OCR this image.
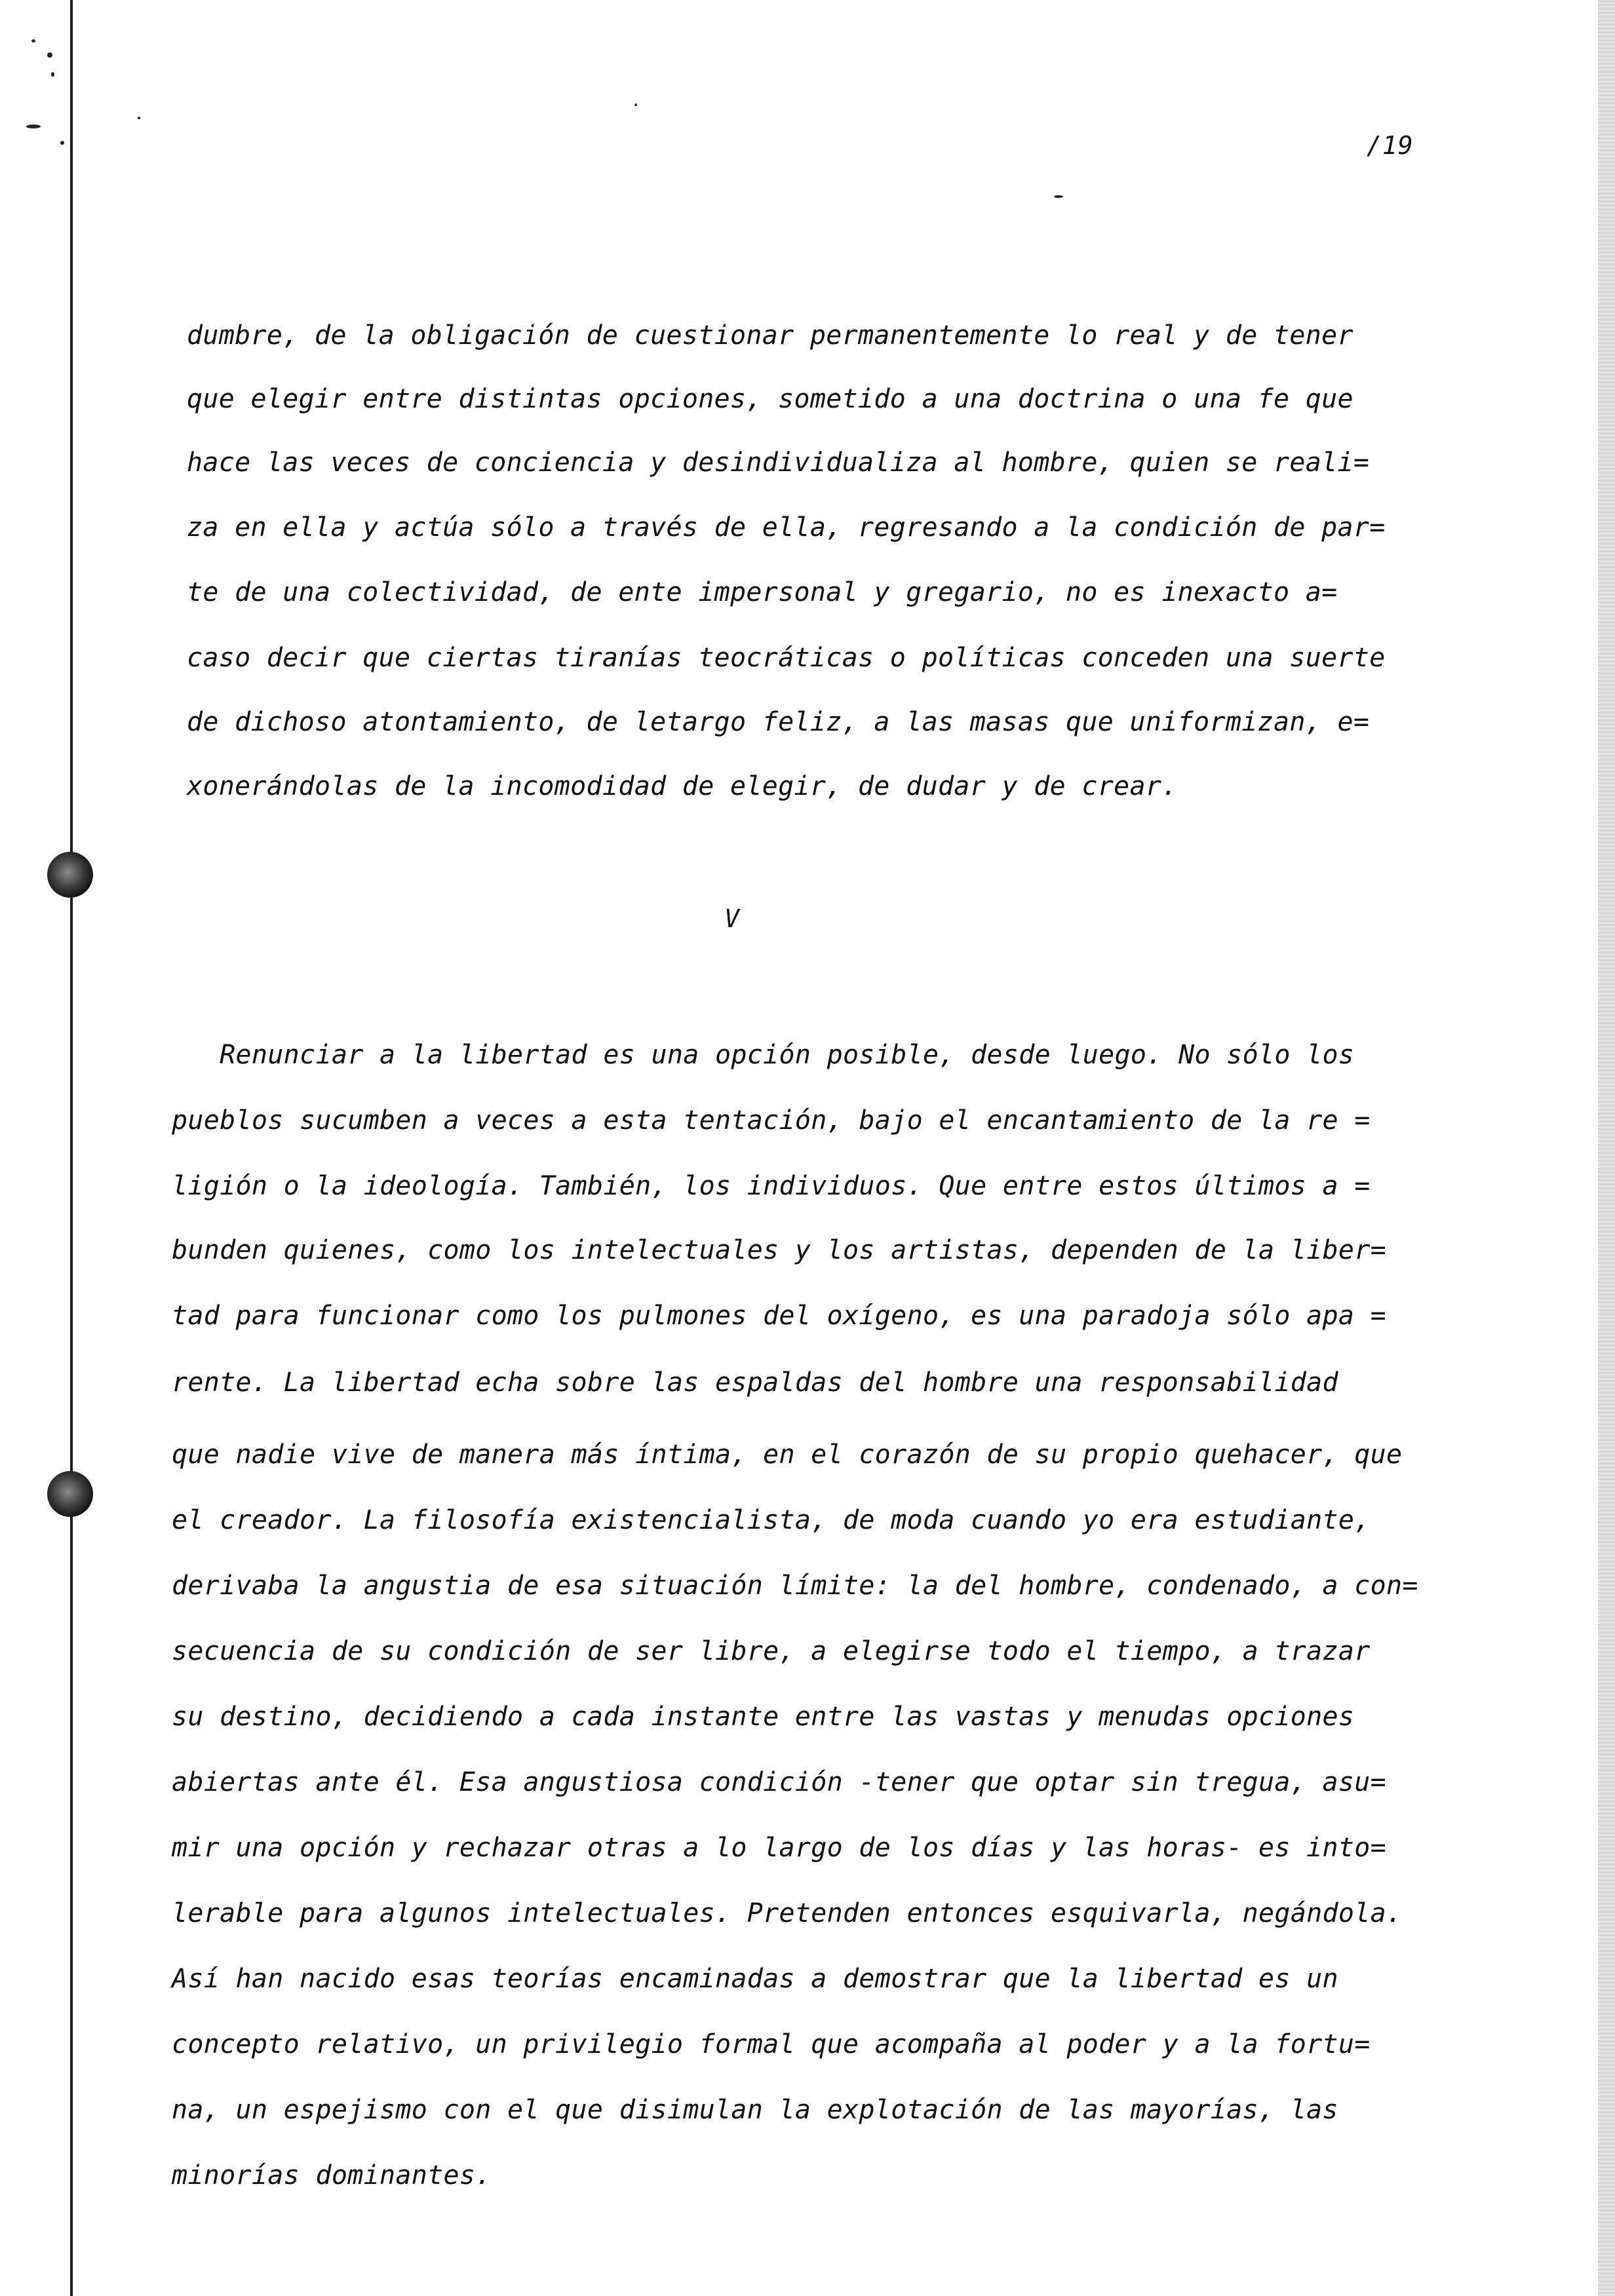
/19
dumbre, de la obligación de cuestionar permanentemente lo real y de tener
que elegir entre distintas opciones, sometido a una doctrina o una fe que
hace las veces de conciencia y desindividualiza al hombre, quien se reali=
za en ella y actúa sólo a través de ella, regresando a la condición de par=
te de una colectividad, de ente impersonal y gregario, no es inexacto a=
caso decir que ciertas tiranías teocráticas o políticas conceden una suerte
de dichoso atontamiento, de letargo feliz, a las masas que uniformizan, e=
xonerándolas de la incomodidad de elegir, de dudar y de crear.
V
Renunciar a la libertad es una opción posible, desde luego. No sólo los
pueblos sucumben a veces a esta tentación, bajo el encantamiento de la re =
ligión o la ideología. También, los individuos. Que entre estos últimos a =
bunden quienes, como los intelectuales y los artistas, dependen de la liber=
tad para funcionar como los pulmones del oxígeno, es una paradoja sólo apa =
rente. La libertad echa sobre las espaldas del hombre una responsabilidad
que nadie vive de manera más íntima, en el corazón de su propio quehacer, que
el creador. La filosofía existencialista, de moda cuando yo era estudiante,
derivaba la angustia de esa situación límite: la del hombre, condenado, a con=
secuencia de su condición de ser libre, a elegirse todo el tiempo, a trazar
su destino, decidiendo a cada instante entre las vastas y menudas opciones
abiertas ante él. Esa angustiosa condición -tener que optar sin tregua, asu=
mir una opción y rechazar otras a lo largo de los días y las horas- es into=
lerable para algunos intelectuales. Pretenden entonces esquivarla, negándola.
Así han nacido esas teorías encaminadas a demostrar que la libertad es un
concepto relativo, un privilegio formal que acompaña al poder y a la fortu=
na, un espejismo con el que disimulan la explotación de las mayorías, las
minorías dominantes.
